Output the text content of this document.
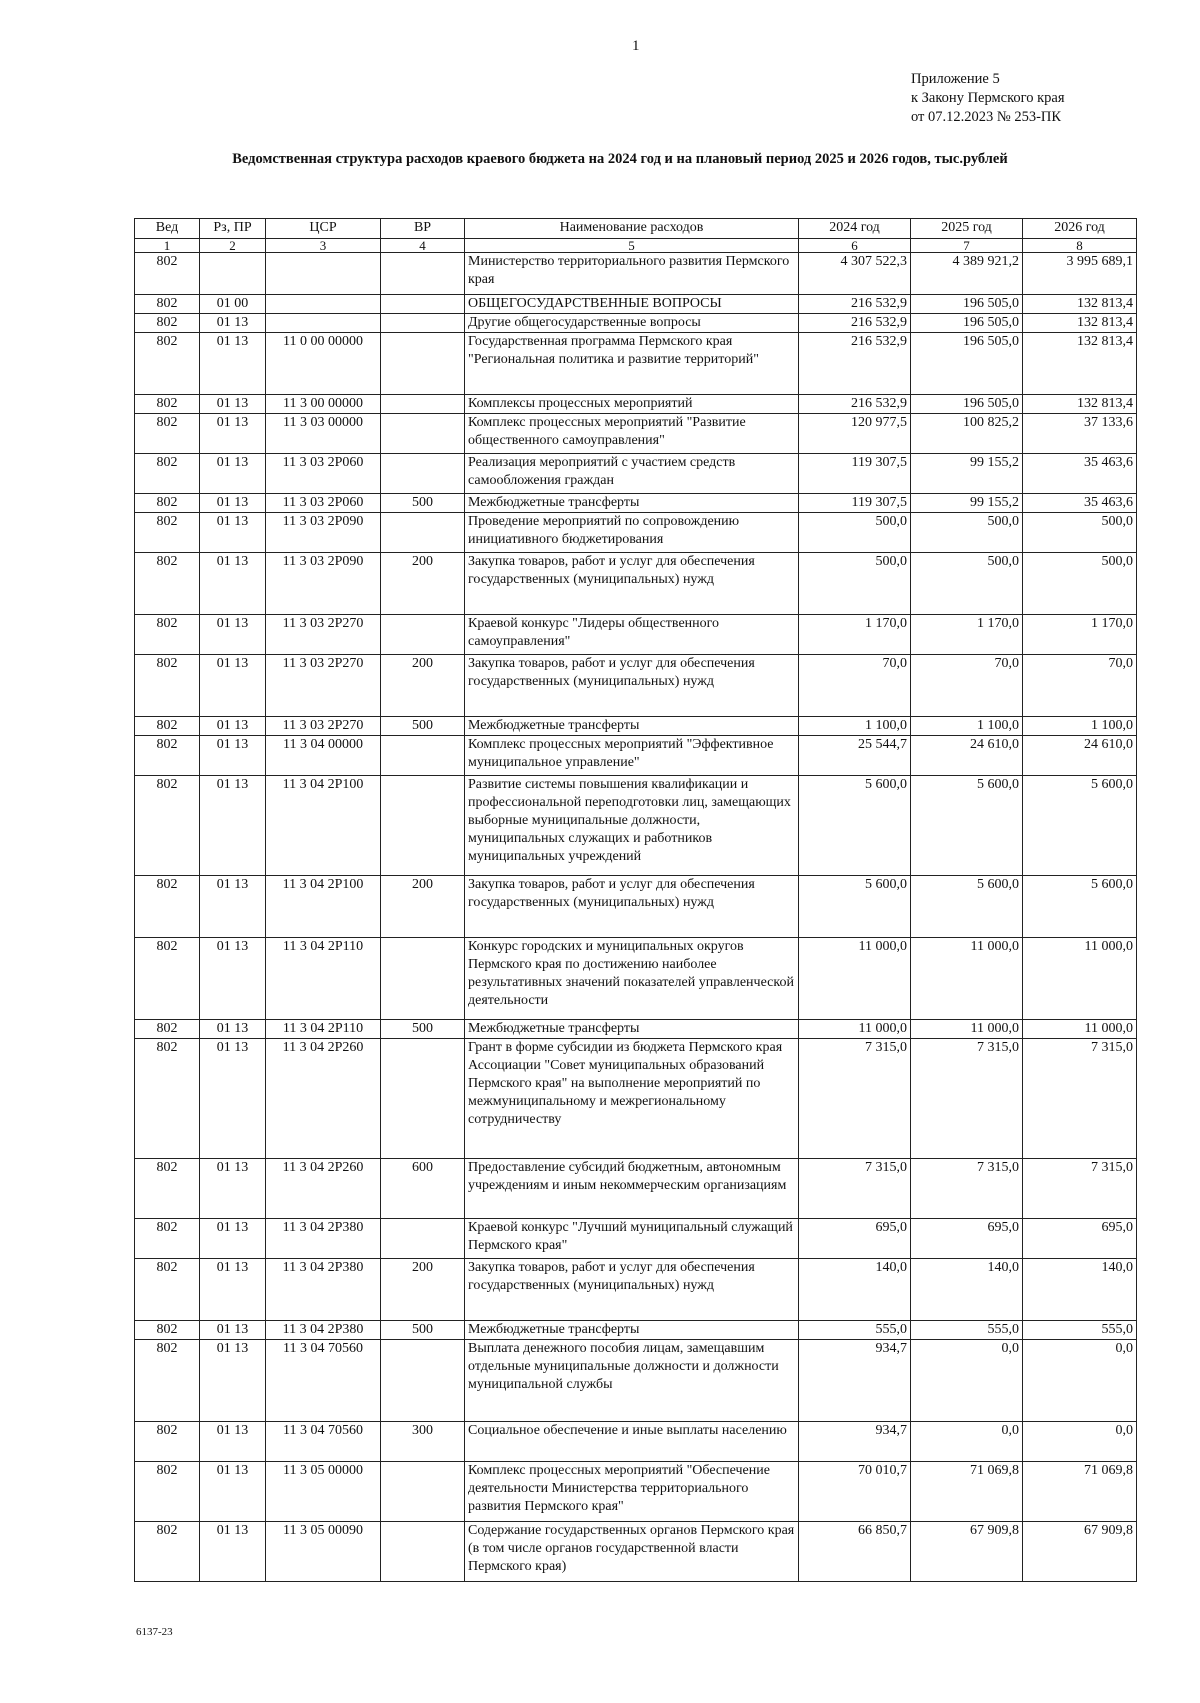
1
Приложение 5
к Закону Пермского края
от 07.12.2023 № 253-ПК
Ведомственная структура расходов краевого бюджета на 2024 год и на плановый период 2025 и 2026 годов, тыс.рублей
Вед	Рз, ПР	ЦСР	ВР	Наименование расходов	2024 год	2025 год	2026 год
1	2	3	4	5	6	7	8
802				Министерство территориального развития Пермского края	4 307 522,3	4 389 921,2	3 995 689,1
802	01 00			ОБЩЕГОСУДАРСТВЕННЫЕ ВОПРОСЫ	216 532,9	196 505,0	132 813,4
802	01 13			Другие общегосударственные вопросы	216 532,9	196 505,0	132 813,4
802	01 13	11 0 00 00000		Государственная программа Пермского края "Региональная политика и развитие территорий"	216 532,9	196 505,0	132 813,4
802	01 13	11 3 00 00000		Комплексы процессных мероприятий	216 532,9	196 505,0	132 813,4
802	01 13	11 3 03 00000		Комплекс процессных мероприятий "Развитие общественного самоуправления"	120 977,5	100 825,2	37 133,6
802	01 13	11 3 03 2P060		Реализация мероприятий с участием средств самообложения граждан	119 307,5	99 155,2	35 463,6
802	01 13	11 3 03 2P060	500	Межбюджетные трансферты	119 307,5	99 155,2	35 463,6
802	01 13	11 3 03 2P090		Проведение мероприятий по сопровождению инициативного бюджетирования	500,0	500,0	500,0
802	01 13	11 3 03 2P090	200	Закупка товаров, работ и услуг для обеспечения государственных (муниципальных) нужд	500,0	500,0	500,0
802	01 13	11 3 03 2P270		Краевой конкурс "Лидеры общественного самоуправления"	1 170,0	1 170,0	1 170,0
802	01 13	11 3 03 2P270	200	Закупка товаров, работ и услуг для обеспечения государственных (муниципальных) нужд	70,0	70,0	70,0
802	01 13	11 3 03 2P270	500	Межбюджетные трансферты	1 100,0	1 100,0	1 100,0
802	01 13	11 3 04 00000		Комплекс процессных мероприятий "Эффективное муниципальное управление"	25 544,7	24 610,0	24 610,0
802	01 13	11 3 04 2P100		Развитие системы повышения квалификации и профессиональной переподготовки лиц, замещающих выборные муниципальные должности, муниципальных служащих и работников муниципальных учреждений	5 600,0	5 600,0	5 600,0
802	01 13	11 3 04 2P100	200	Закупка товаров, работ и услуг для обеспечения государственных (муниципальных) нужд	5 600,0	5 600,0	5 600,0
802	01 13	11 3 04 2P110		Конкурс городских и муниципальных округов Пермского края по достижению наиболее результативных значений показателей управленческой деятельности	11 000,0	11 000,0	11 000,0
802	01 13	11 3 04 2P110	500	Межбюджетные трансферты	11 000,0	11 000,0	11 000,0
802	01 13	11 3 04 2P260		Грант в форме субсидии из бюджета Пермского края Ассоциации "Совет муниципальных образований Пермского края" на выполнение мероприятий по межмуниципальному и межрегиональному сотрудничеству	7 315,0	7 315,0	7 315,0
802	01 13	11 3 04 2P260	600	Предоставление субсидий бюджетным, автономным учреждениям и иным некоммерческим организациям	7 315,0	7 315,0	7 315,0
802	01 13	11 3 04 2P380		Краевой конкурс "Лучший муниципальный служащий Пермского края"	695,0	695,0	695,0
802	01 13	11 3 04 2P380	200	Закупка товаров, работ и услуг для обеспечения государственных (муниципальных) нужд	140,0	140,0	140,0
802	01 13	11 3 04 2P380	500	Межбюджетные трансферты	555,0	555,0	555,0
802	01 13	11 3 04 70560		Выплата денежного пособия лицам, замещавшим отдельные муниципальные должности и должности муниципальной службы	934,7	0,0	0,0
802	01 13	11 3 04 70560	300	Социальное обеспечение и иные выплаты населению	934,7	0,0	0,0
802	01 13	11 3 05 00000		Комплекс процессных мероприятий "Обеспечение деятельности Министерства территориального развития Пермского края"	70 010,7	71 069,8	71 069,8
802	01 13	11 3 05 00090		Содержание государственных органов Пермского края (в том числе органов государственной власти Пермского края)	66 850,7	67 909,8	67 909,8
6137-23
